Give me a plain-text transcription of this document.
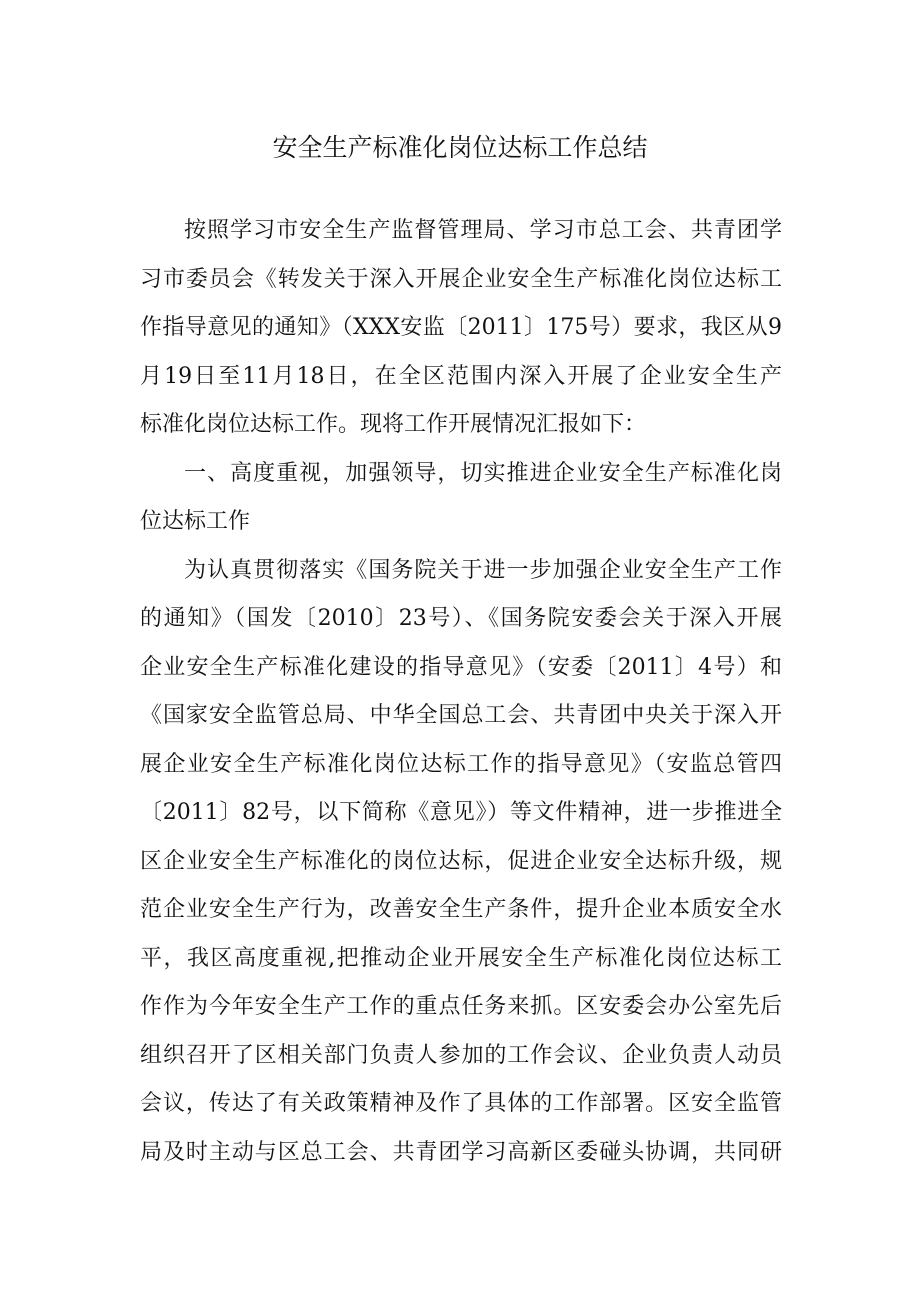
安全生产标准化岗位达标工作总结
按照学习市安全生产监督管理局、学习市总工会、共青团学
习市委员会《转发关于深入开展企业安全生产标准化岗位达标工
作指导意见的通知》（XXX安监〔2011〕175号）要求，我区从9
月19日至11月18日，在全区范围内深入开展了企业安全生产
标准化岗位达标工作。现将工作开展情况汇报如下：
一、高度重视，加强领导，切实推进企业安全生产标准化岗
位达标工作
为认真贯彻落实《国务院关于进一步加强企业安全生产工作
的通知》（国发〔2010〕23号）、《国务院安委会关于深入开展
企业安全生产标准化建设的指导意见》（安委〔2011〕4号）和
《国家安全监管总局、中华全国总工会、共青团中央关于深入开
展企业安全生产标准化岗位达标工作的指导意见》（安监总管四
〔2011〕82号，以下简称《意见》）等文件精神，进一步推进全
区企业安全生产标准化的岗位达标，促进企业安全达标升级，规
范企业安全生产行为，改善安全生产条件，提升企业本质安全水
平，我区高度重视,把推动企业开展安全生产标准化岗位达标工
作作为今年安全生产工作的重点任务来抓。区安委会办公室先后
组织召开了区相关部门负责人参加的工作会议、企业负责人动员
会议，传达了有关政策精神及作了具体的工作部署。区安全监管
局及时主动与区总工会、共青团学习高新区委碰头协调，共同研
